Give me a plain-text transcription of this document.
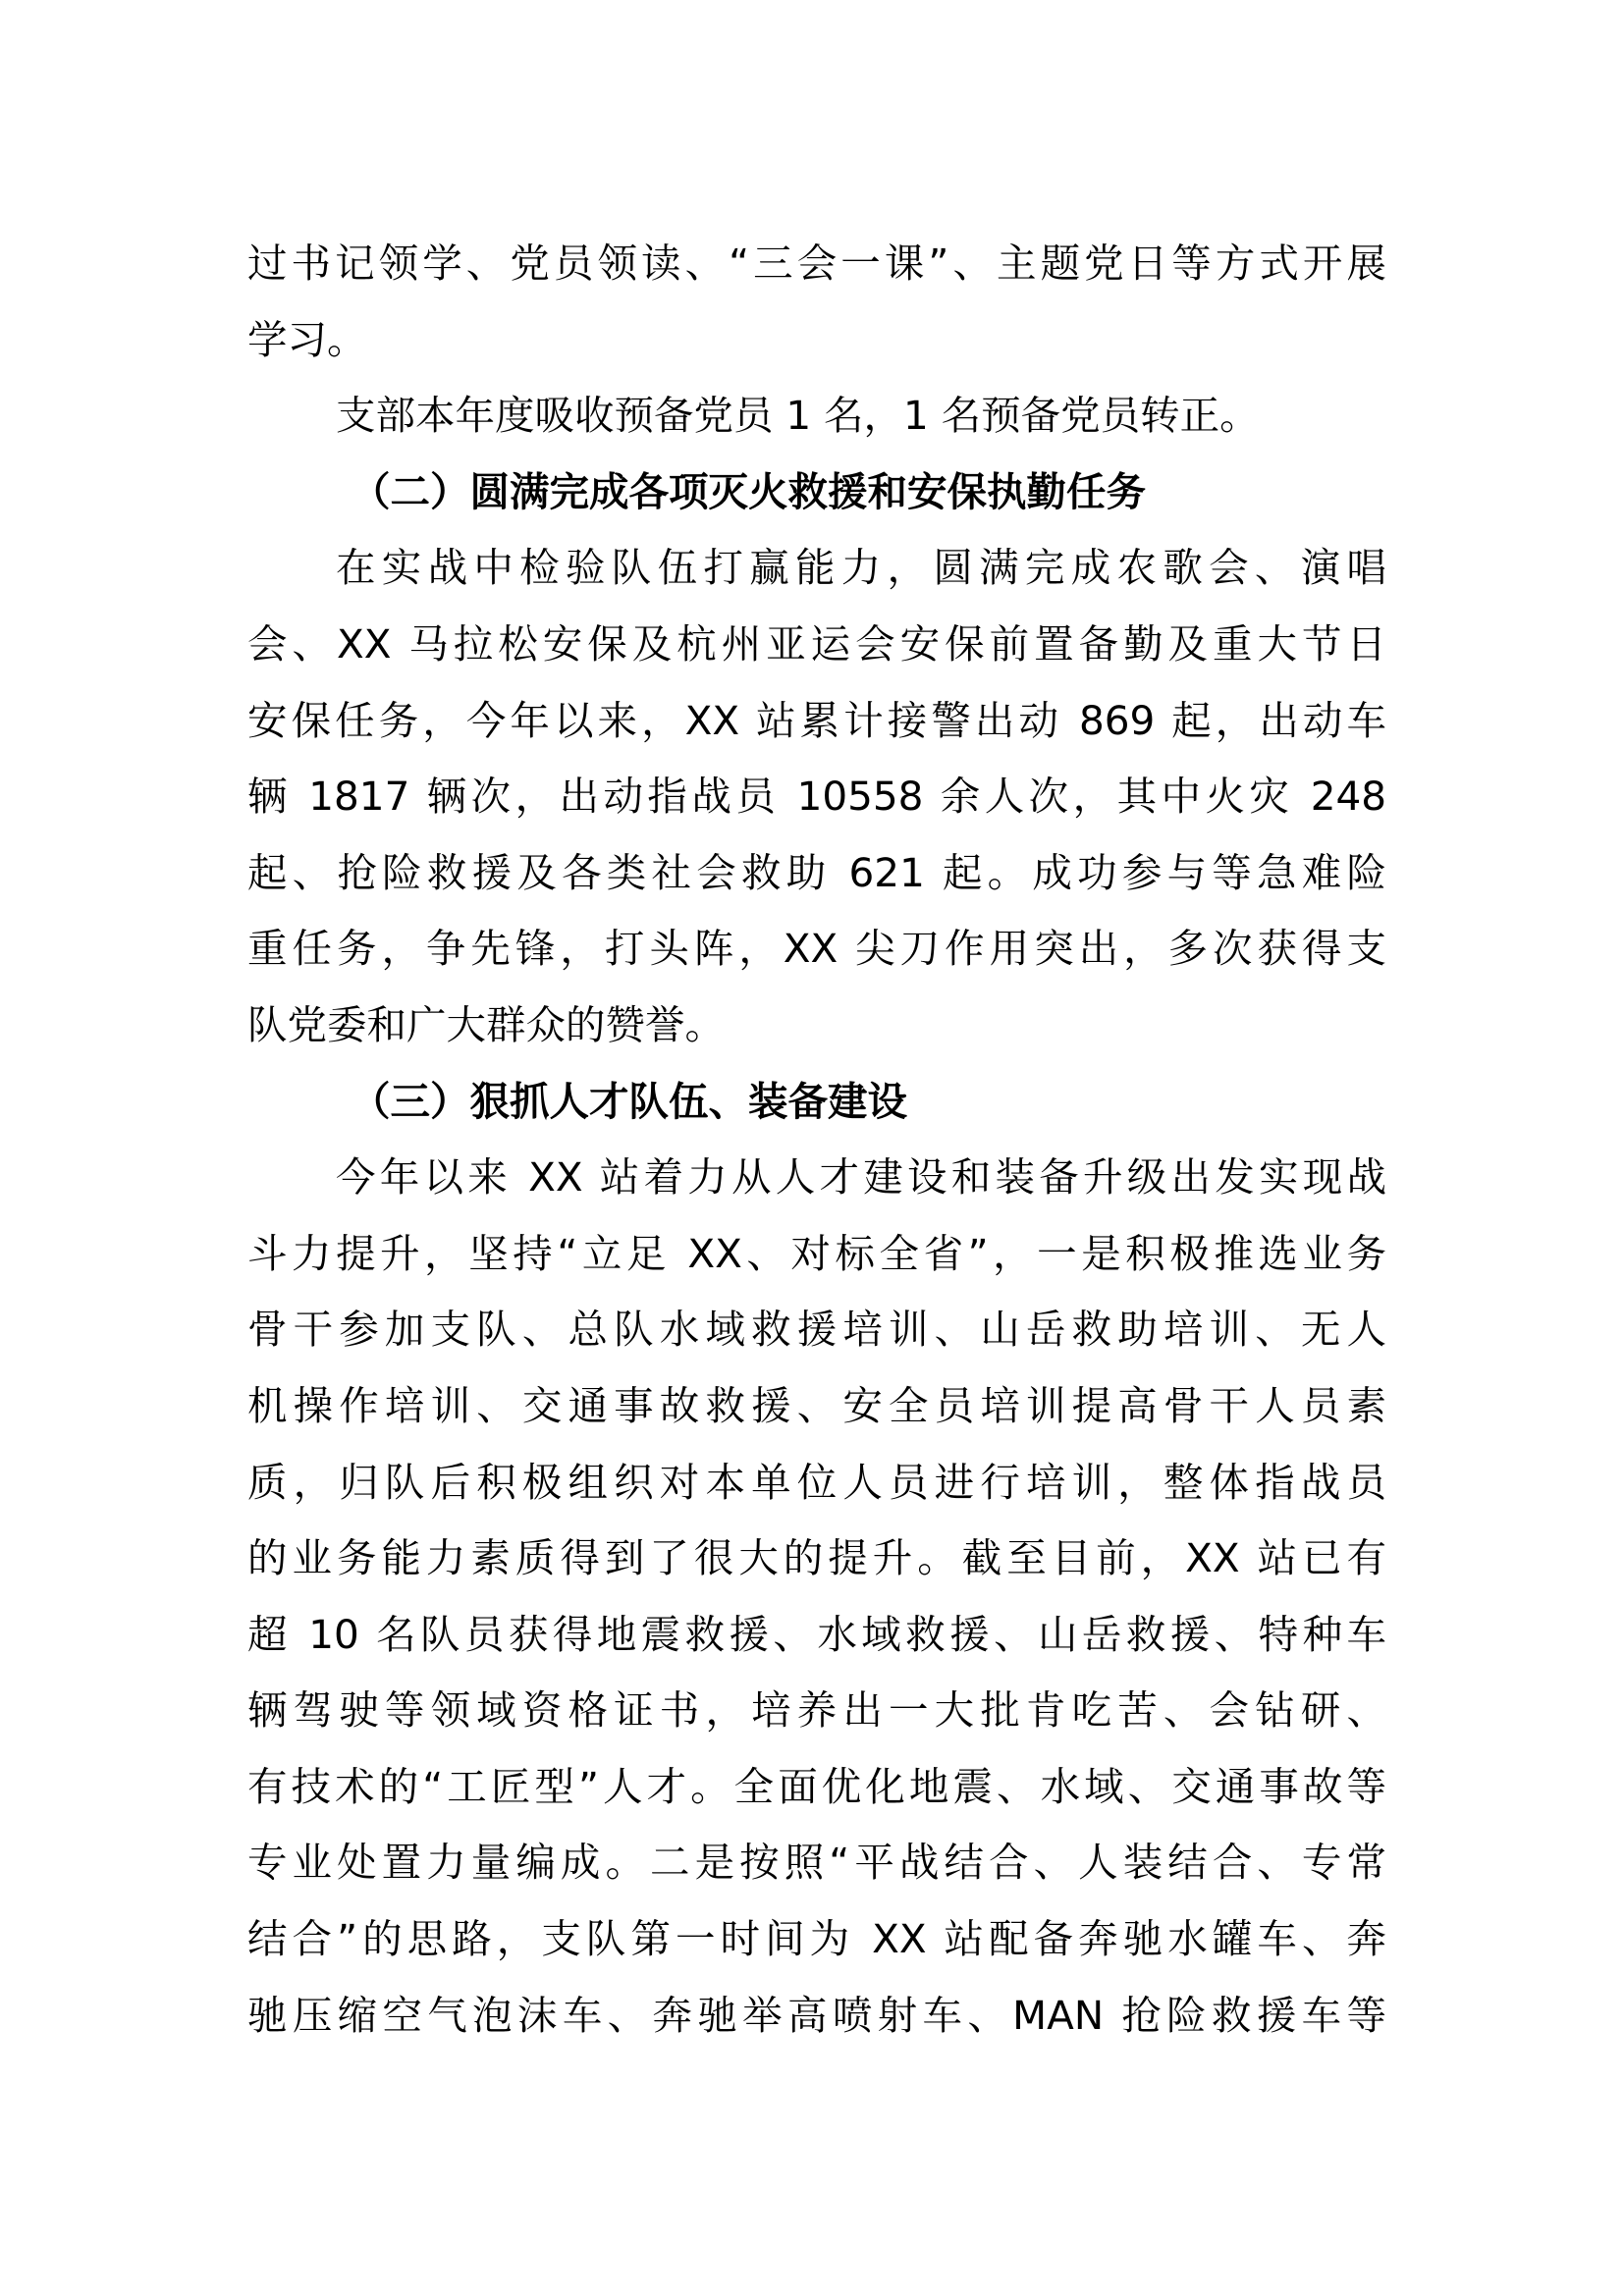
过书记领学、党员领读、“三会一课”、主题党日等方式开展
学习。
支部本年度吸收预备党员 1 名，1 名预备党员转正。
（二）圆满完成各项灭火救援和安保执勤任务
在实战中检验队伍打赢能力，圆满完成农歌会、演唱
会、XX 马拉松安保及杭州亚运会安保前置备勤及重大节日
安保任务，今年以来，XX 站累计接警出动 869 起，出动车
辆 1817 辆次，出动指战员 10558 余人次，其中火灾 248
起、抢险救援及各类社会救助 621 起。成功参与等急难险
重任务，争先锋，打头阵，XX 尖刀作用突出，多次获得支
队党委和广大群众的赞誉。
（三）狠抓人才队伍、装备建设
今年以来 XX 站着力从人才建设和装备升级出发实现战
斗力提升，坚持“立足 XX、对标全省”，一是积极推选业务
骨干参加支队、总队水域救援培训、山岳救助培训、无人
机操作培训、交通事故救援、安全员培训提高骨干人员素
质，归队后积极组织对本单位人员进行培训，整体指战员
的业务能力素质得到了很大的提升。截至目前，XX 站已有
超 10 名队员获得地震救援、水域救援、山岳救援、特种车
辆驾驶等领域资格证书，培养出一大批肯吃苦、会钻研、
有技术的“工匠型”人才。全面优化地震、水域、交通事故等
专业处置力量编成。二是按照“平战结合、人装结合、专常
结合”的思路，支队第一时间为 XX 站配备奔驰水罐车、奔
驰压缩空气泡沫车、奔驰举高喷射车、MAN 抢险救援车等
